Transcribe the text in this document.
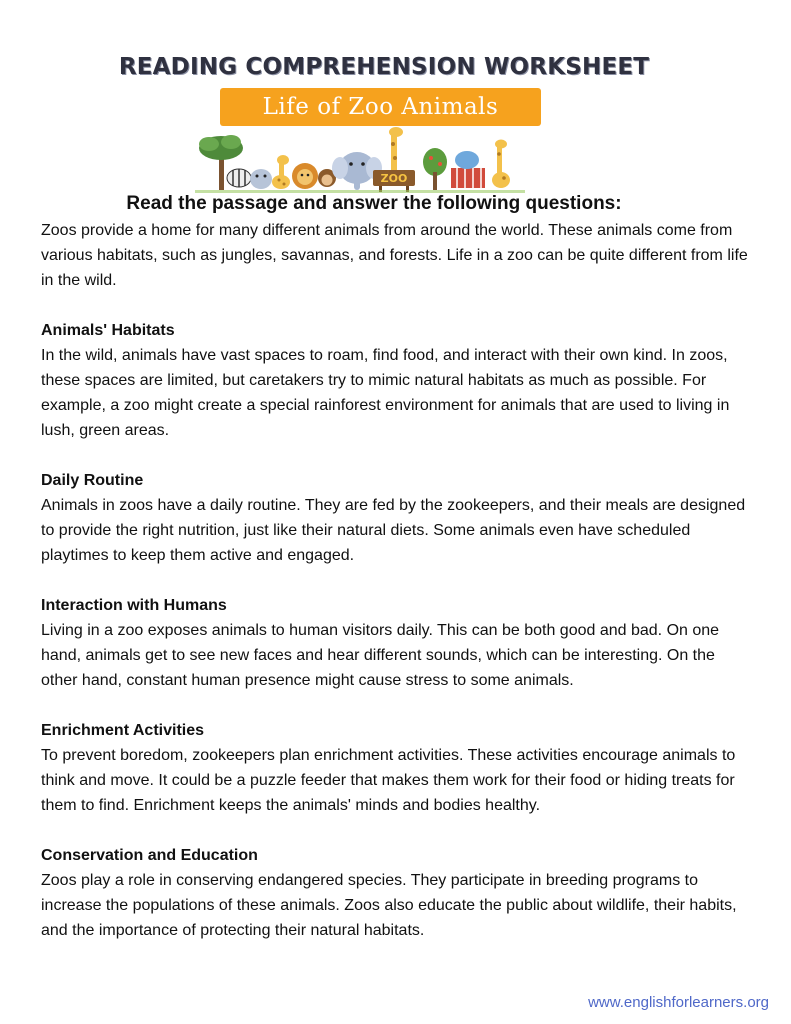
READING COMPREHENSION WORKSHEET
Life of Zoo Animals
ZOO
Read the passage and answer the following questions:

Zoos provide a home for many different animals from around the world. These animals come from various habitats, such as jungles, savannas, and forests. Life in a zoo can be quite different from life in the wild.

Animals' Habitats

In the wild, animals have vast spaces to roam, find food, and interact with their own kind. In zoos, these spaces are limited, but caretakers try to mimic natural habitats as much as possible. For example, a zoo might create a special rainforest environment for animals that are used to living in lush, green areas.

Daily Routine

Animals in zoos have a daily routine. They are fed by the zookeepers, and their meals are designed to provide the right nutrition, just like their natural diets. Some animals even have scheduled playtimes to keep them active and engaged.

Interaction with Humans

Living in a zoo exposes animals to human visitors daily. This can be both good and bad. On one hand, animals get to see new faces and hear different sounds, which can be interesting. On the other hand, constant human presence might cause stress to some animals.

Enrichment Activities

To prevent boredom, zookeepers plan enrichment activities. These activities encourage animals to think and move. It could be a puzzle feeder that makes them work for their food or hiding treats for them to find. Enrichment keeps the animals' minds and bodies healthy.

Conservation and Education

Zoos play a role in conserving endangered species. They participate in breeding programs to increase the populations of these animals. Zoos also educate the public about wildlife, their habits, and the importance of protecting their natural habitats.

www.englishforlearners.org
